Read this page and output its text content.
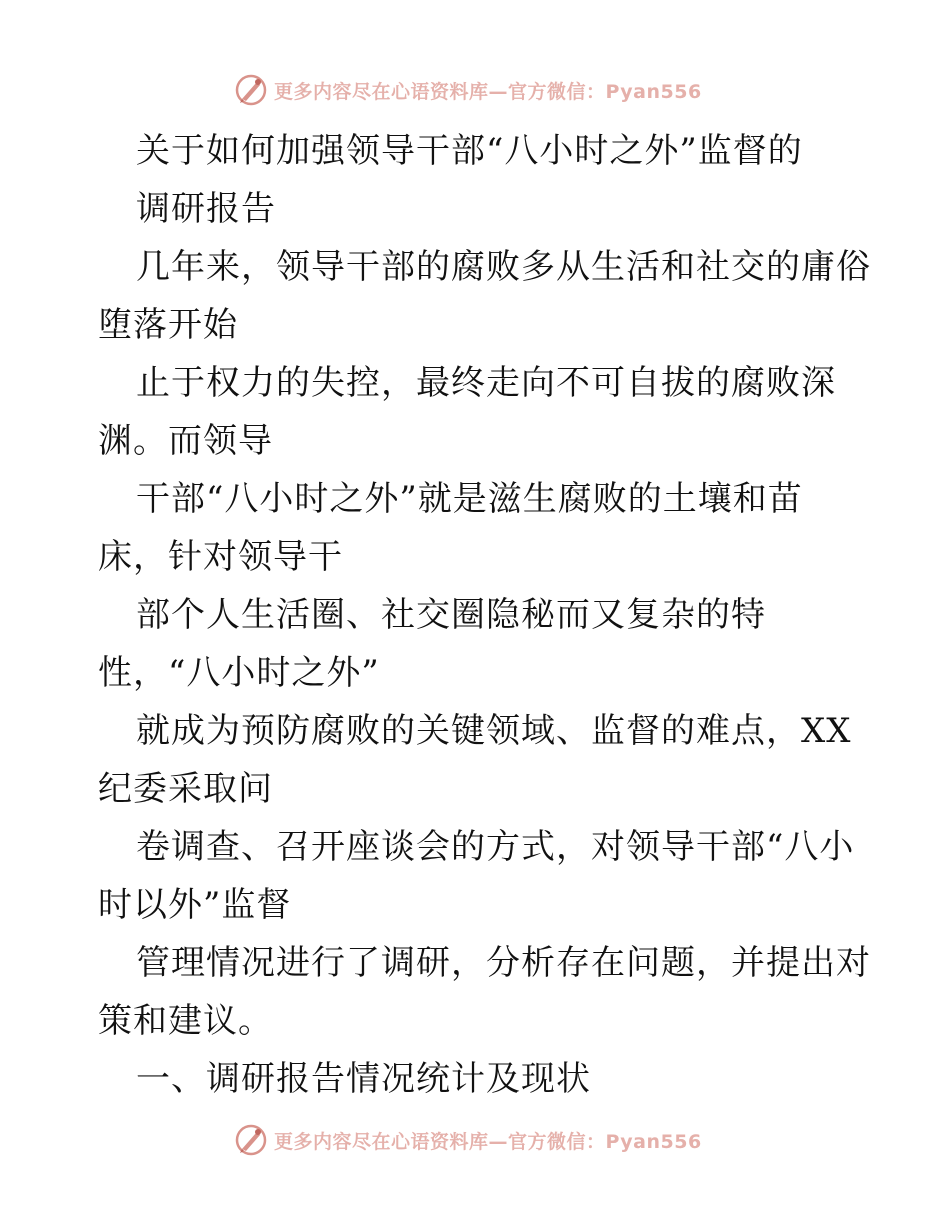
更多内容尽在心语资料库—官方微信：Pyan556
关于如何加强领导干部“八小时之外”监督的
调研报告
几年来，领导干部的腐败多从生活和社交的庸俗
堕落开始
止于权力的失控，最终走向不可自拔的腐败深
渊。而领导
干部“八小时之外”就是滋生腐败的土壤和苗
床，针对领导干
部个人生活圈、社交圈隐秘而又复杂的特
性，“八小时之外”
就成为预防腐败的关键领域、监督的难点，XX
纪委采取问
卷调查、召开座谈会的方式，对领导干部“八小
时以外”监督
管理情况进行了调研，分析存在问题，并提出对
策和建议。
一、调研报告情况统计及现状
更多内容尽在心语资料库—官方微信：Pyan556
